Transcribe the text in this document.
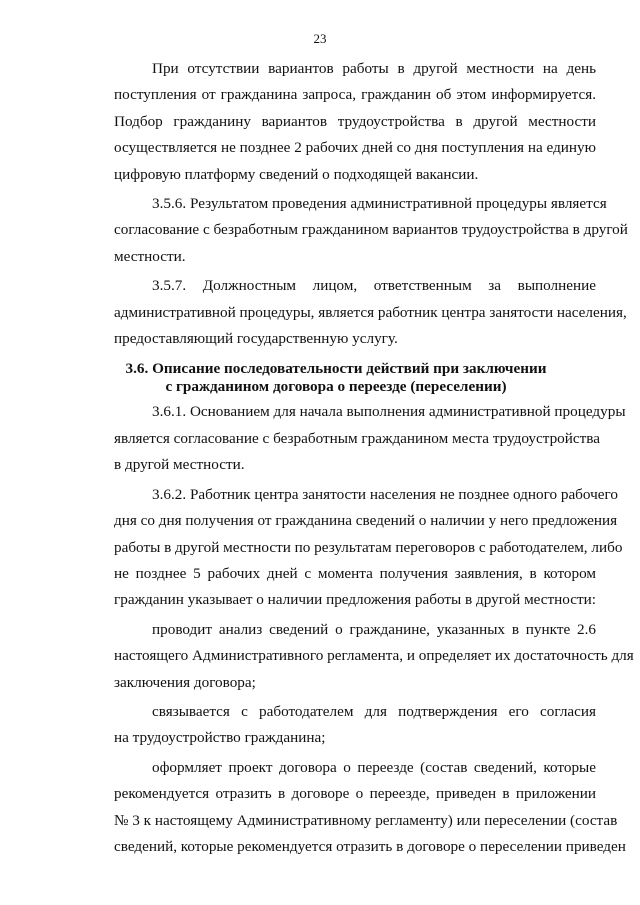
23
При отсутствии вариантов работы в другой местности на день
поступления от гражданина запроса, гражданин об этом информируется.
Подбор гражданину вариантов трудоустройства в другой местности
осуществляется не позднее 2 рабочих дней со дня поступления на единую
цифровую платформу сведений о подходящей вакансии.
3.5.6. Результатом проведения административной процедуры является
согласование с безработным гражданином вариантов трудоустройства в другой
местности.
3.5.7. Должностным лицом, ответственным за выполнение
административной процедуры, является работник центра занятости населения,
предоставляющий государственную услугу.
3.6. Описание последовательности действий при заключении
с гражданином договора о переезде (переселении)
3.6.1. Основанием для начала выполнения административной процедуры
является согласование с безработным гражданином места трудоустройства
в другой местности.
3.6.2. Работник центра занятости населения не позднее одного рабочего
дня со дня получения от гражданина сведений о наличии у него предложения
работы в другой местности по результатам переговоров с работодателем, либо
не позднее 5 рабочих дней с момента получения заявления, в котором
гражданин указывает о наличии предложения работы в другой местности:
проводит анализ сведений о гражданине, указанных в пункте 2.6
настоящего Административного регламента, и определяет их достаточность для
заключения договора;
связывается с работодателем для подтверждения его согласия
на трудоустройство гражданина;
оформляет проект договора о переезде (состав сведений, которые
рекомендуется отразить в договоре о переезде, приведен в приложении
№ 3 к настоящему Административному регламенту) или переселении (состав
сведений, которые рекомендуется отразить в договоре о переселении приведен
